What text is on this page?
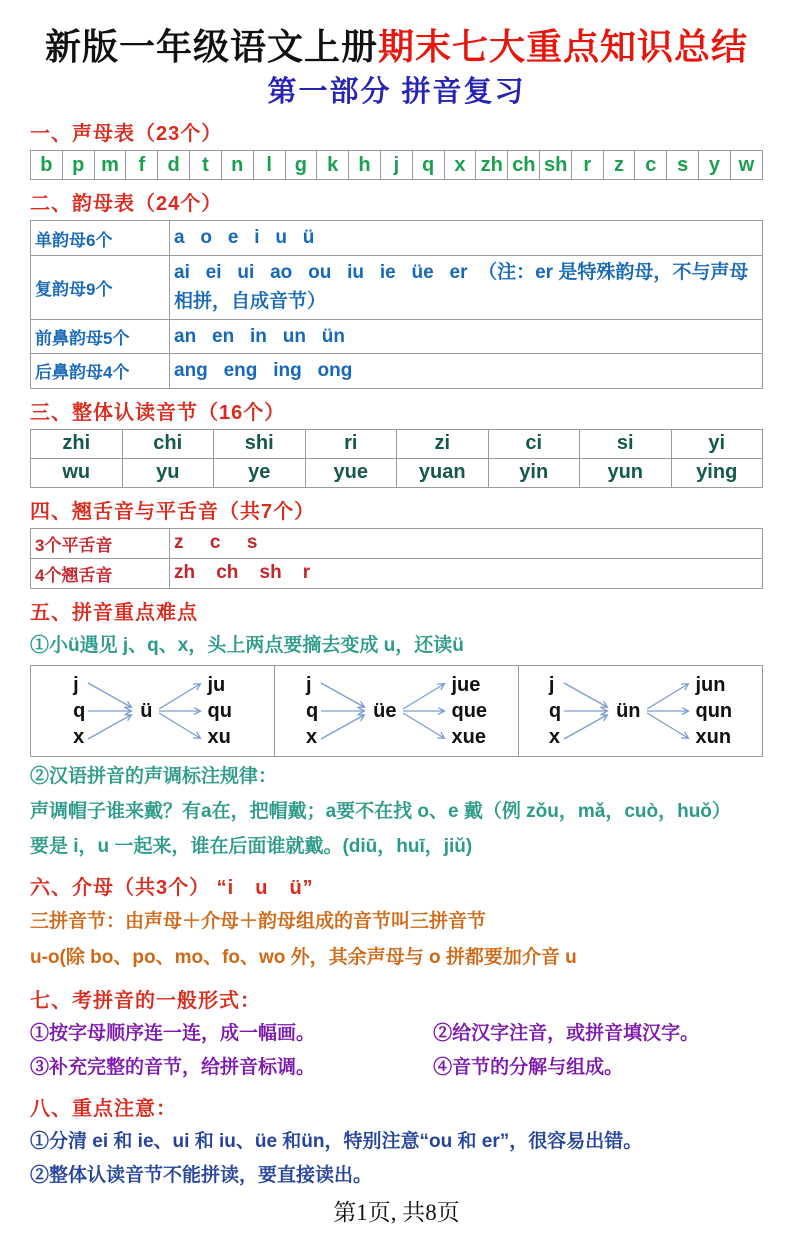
新版一年级语文上册期末七大重点知识总结
第一部分 拼音复习
一、声母表（23个）
b	p	m	f	d	t	n	l	g	k	h	j	q	x	zh	ch	sh	r	z	c	s	y	w
二、韵母表（24个）
单韵母6个	a   o   e   i   u   ü
复韵母9个	ai   ei   ui   ao   ou   iu   ie   üe   er  （注：er 是特殊韵母，不与声母相拼，自成音节）
前鼻韵母5个	an   en   in   un   ün
后鼻韵母4个	ang   eng   ing   ong
三、整体认读音节（16个）
zhi	chi	shi	ri	zi	ci	si	yi
wu	yu	ye	yue	yuan	yin	yun	ying
四、翘舌音与平舌音（共7个）
3个平舌音	z     c     s
4个翘舌音	zh    ch    sh    r
五、拼音重点难点
①小ü遇见 j、q、x，头上两点要摘去变成 u，还读ü
j
q
x
ü
ju
qu
xu
j
q
x
üe
jue
que
xue
j
q
x
ün
jun
qun
xun
②汉语拼音的声调标注规律：
声调帽子谁来戴？有a在，把帽戴；a要不在找 o、e 戴（例 zǒu，mǎ，cuò，huǒ）
要是 i，u 一起来，谁在后面谁就戴。(diū，huī，jiǔ)
六、介母（共3个） “i　u　ü”
三拼音节：由声母＋介母＋韵母组成的音节叫三拼音节
u-o(除 bo、po、mo、fo、wo 外，其余声母与 o 拼都要加介音 u
七、考拼音的一般形式：
①按字母顺序连一连，成一幅画。	②给汉字注音，或拼音填汉字。
③补充完整的音节，给拼音标调。	④音节的分解与组成。
八、重点注意：
①分清 ei 和 ie、ui 和 iu、üe 和ün，特别注意“ou 和 er”，很容易出错。
②整体认读音节不能拼读，要直接读出。
第1页, 共8页
